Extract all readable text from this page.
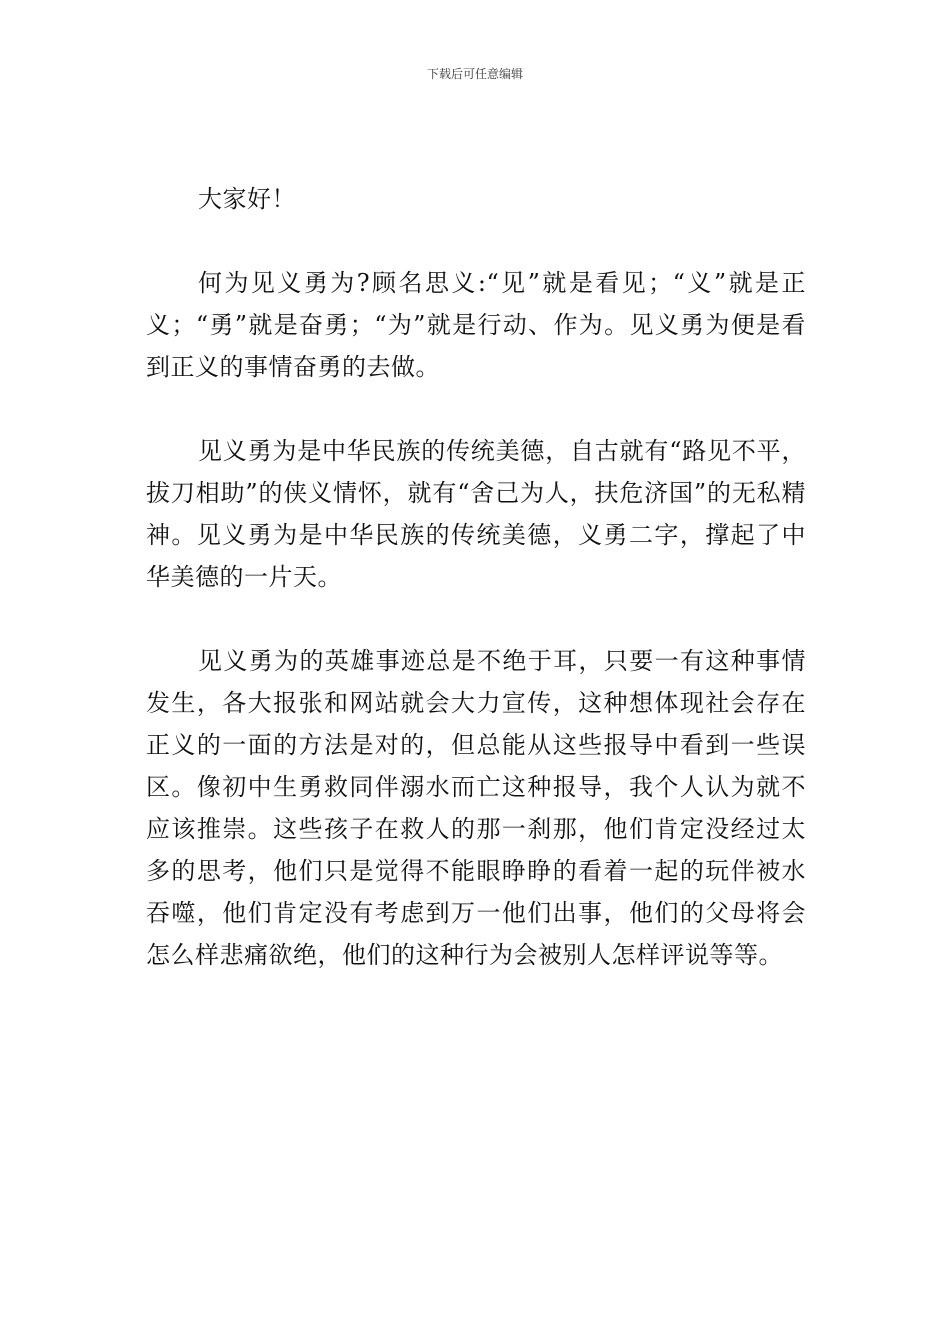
下载后可任意编辑

大家好！

何为见义勇为?顾名思义:“见”就是看见；“义”就是正义；“勇”就是奋勇；“为”就是行动、作为。见义勇为便是看到正义的事情奋勇的去做。

见义勇为是中华民族的传统美德，自古就有“路见不平，拔刀相助”的侠义情怀，就有“舍己为人，扶危济国”的无私精神。见义勇为是中华民族的传统美德，义勇二字，撑起了中华美德的一片天。

见义勇为的英雄事迹总是不绝于耳，只要一有这种事情发生，各大报张和网站就会大力宣传，这种想体现社会存在正义的一面的方法是对的，但总能从这些报导中看到一些误区。像初中生勇救同伴溺水而亡这种报导，我个人认为就不应该推崇。这些孩子在救人的那一刹那，他们肯定没经过太多的思考，他们只是觉得不能眼睁睁的看着一起的玩伴被水吞噬，他们肯定没有考虑到万一他们出事，他们的父母将会怎么样悲痛欲绝，他们的这种行为会被别人怎样评说等等。
